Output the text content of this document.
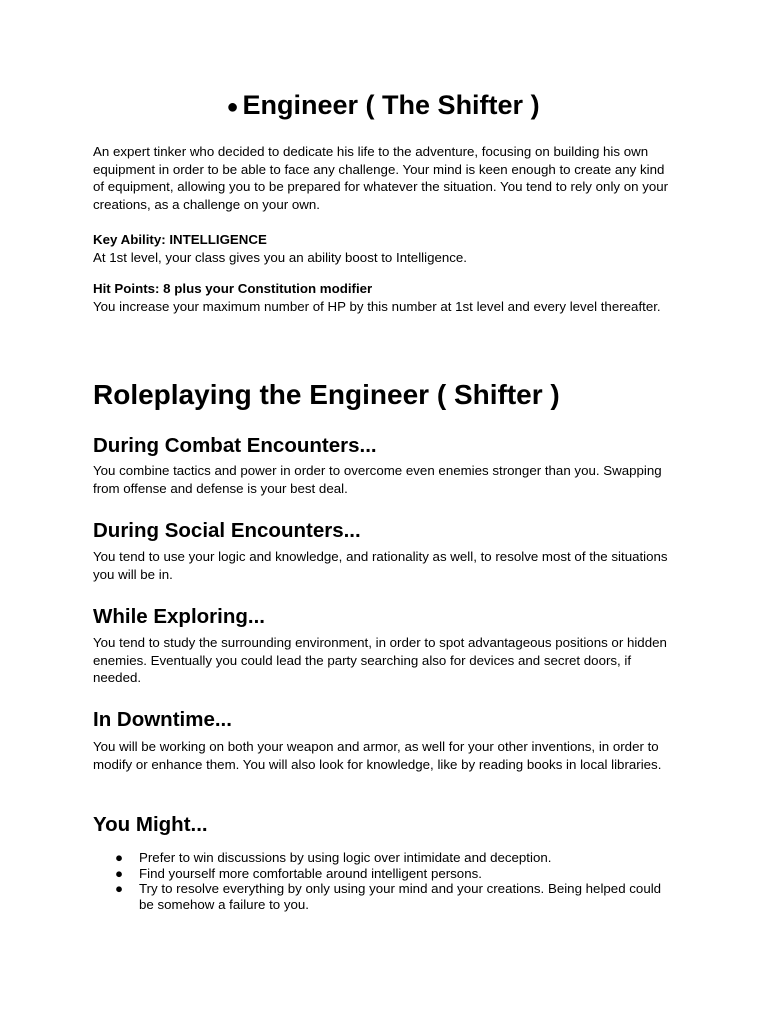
● Engineer ( The Shifter )
An expert tinker who decided to dedicate his life to the adventure, focusing on building his own equipment in order to be able to face any challenge. Your mind is keen enough to create any kind of equipment, allowing you to be prepared for whatever the situation. You tend to rely only on your creations, as a challenge on your own.
Key Ability: INTELLIGENCE
At 1st level, your class gives you an ability boost to Intelligence.
Hit Points: 8 plus your Constitution modifier
You increase your maximum number of HP by this number at 1st level and every level thereafter.
Roleplaying the Engineer ( Shifter )
During Combat Encounters...
You combine tactics and power in order to overcome even enemies stronger than you. Swapping from offense and defense is your best deal.
During Social Encounters...
You tend to use your logic and knowledge, and rationality as well, to resolve most of the situations you will be in.
While Exploring...
You tend to study the surrounding environment, in order to spot advantageous positions or hidden enemies. Eventually you could lead the party searching also for devices and secret doors, if needed.
In Downtime...
You will be working on both your weapon and armor, as well for your other inventions, in order to modify or enhance them. You will also look for knowledge, like by reading books in local libraries.
You Might...
● Prefer to win discussions by using logic over intimidate and deception.
● Find yourself more comfortable around intelligent persons.
● Try to resolve everything by only using your mind and your creations. Being helped could be somehow a failure to you.
